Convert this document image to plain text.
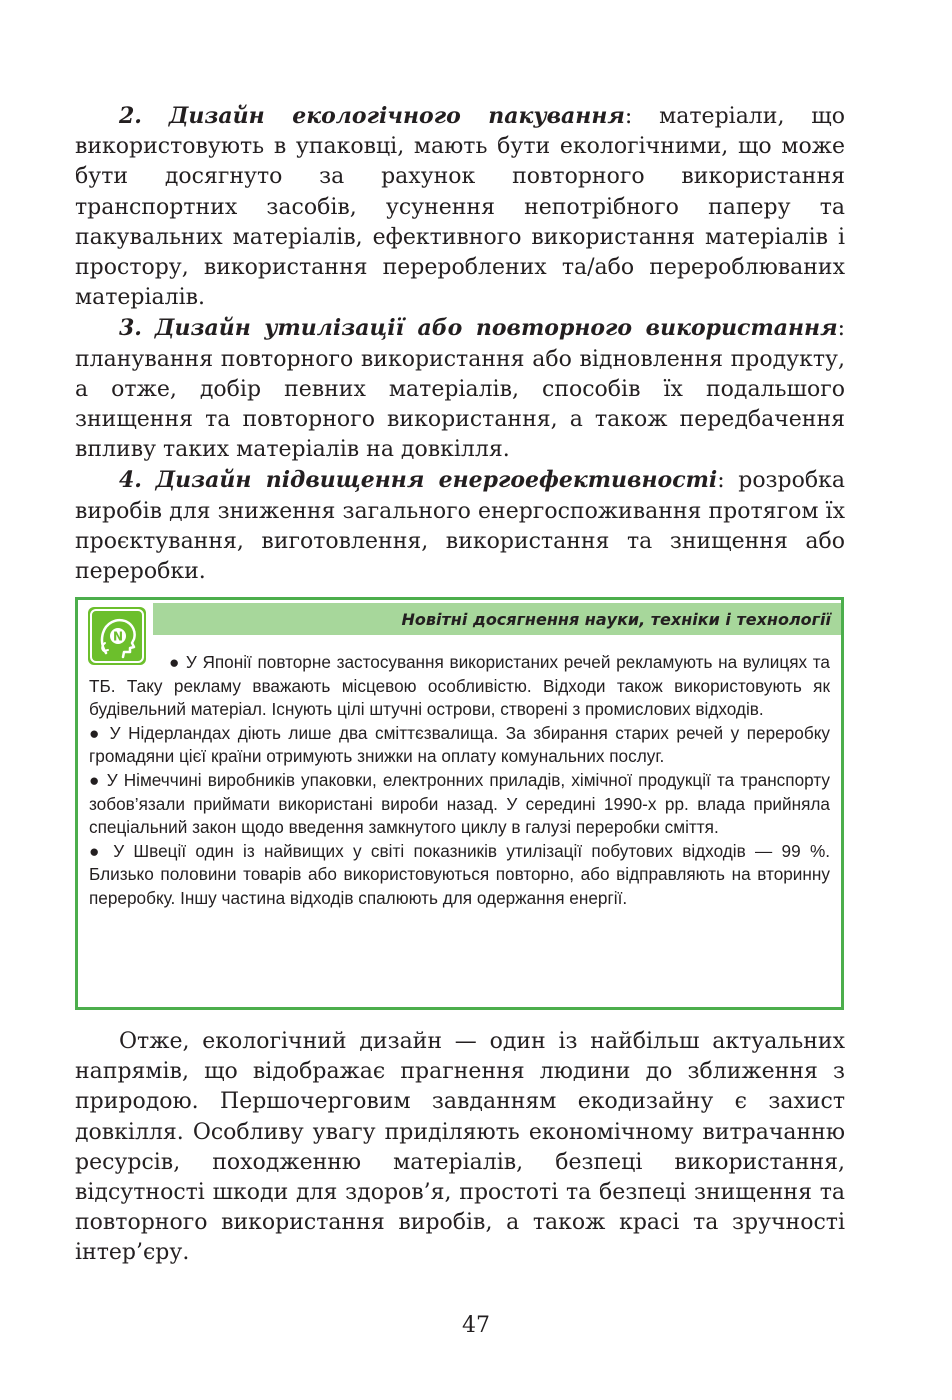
2. Дизайн екологічного пакування: матеріали, що використовують в упаковці, мають бути екологічними, що може бути досягнуто за рахунок повторного використання транспортних засобів, усунення непотрібного паперу та пакувальних матеріалів, ефективного використання матеріалів і простору, використання перероблених та/або перероблюваних матеріалів.

3. Дизайн утилізації або повторного використання: планування повторного використання або відновлення продукту, а отже, добір певних матеріалів, способів їх подальшого знищення та повторного використання, а також передбачення впливу таких матеріалів на довкілля.

4. Дизайн підвищення енергоефективності: розробка виробів для зниження загального енергоспоживання протягом їх проєктування, виготовлення, використання та знищення або переробки.

N
Новітні досягнення науки, техніки і технології

● У Японії повторне застосування використаних речей рекламують на вулицях та ТБ. Таку рекламу вважають місцевою особливістю. Відходи також використовують як будівельний матеріал. Існують цілі штучні острови, створені з промислових відходів.

● У Нідерландах діють лише два сміттєзвалища. За збирання старих речей у переробку громадяни цієї країни отримують знижки на оплату комунальних послуг.

● У Німеччині виробників упаковки, електронних приладів, хімічної продукції та транспорту зобов’язали приймати використані вироби назад. У середині 1990-х рр. влада прийняла спеціальний закон щодо введення замкнутого циклу в галузі переробки сміття.

● У Швеції один із найвищих у світі показників утилізації побутових відходів — 99 %. Близько половини товарів або використовуються повторно, або відправляють на вторинну переробку. Іншу частина відходів спалюють для одержання енергії.

Отже, екологічний дизайн — один із найбільш актуальних напрямів, що відображає прагнення людини до зближення з природою. Першочерговим завданням екодизайну є захист довкілля. Особливу увагу приділяють економічному витрачанню ресурсів, походженню матеріалів, безпеці використання, відсутності шкоди для здоров’я, простоті та безпеці знищення та повторного використання виробів, а також красі та зручності інтер’єру.

47
